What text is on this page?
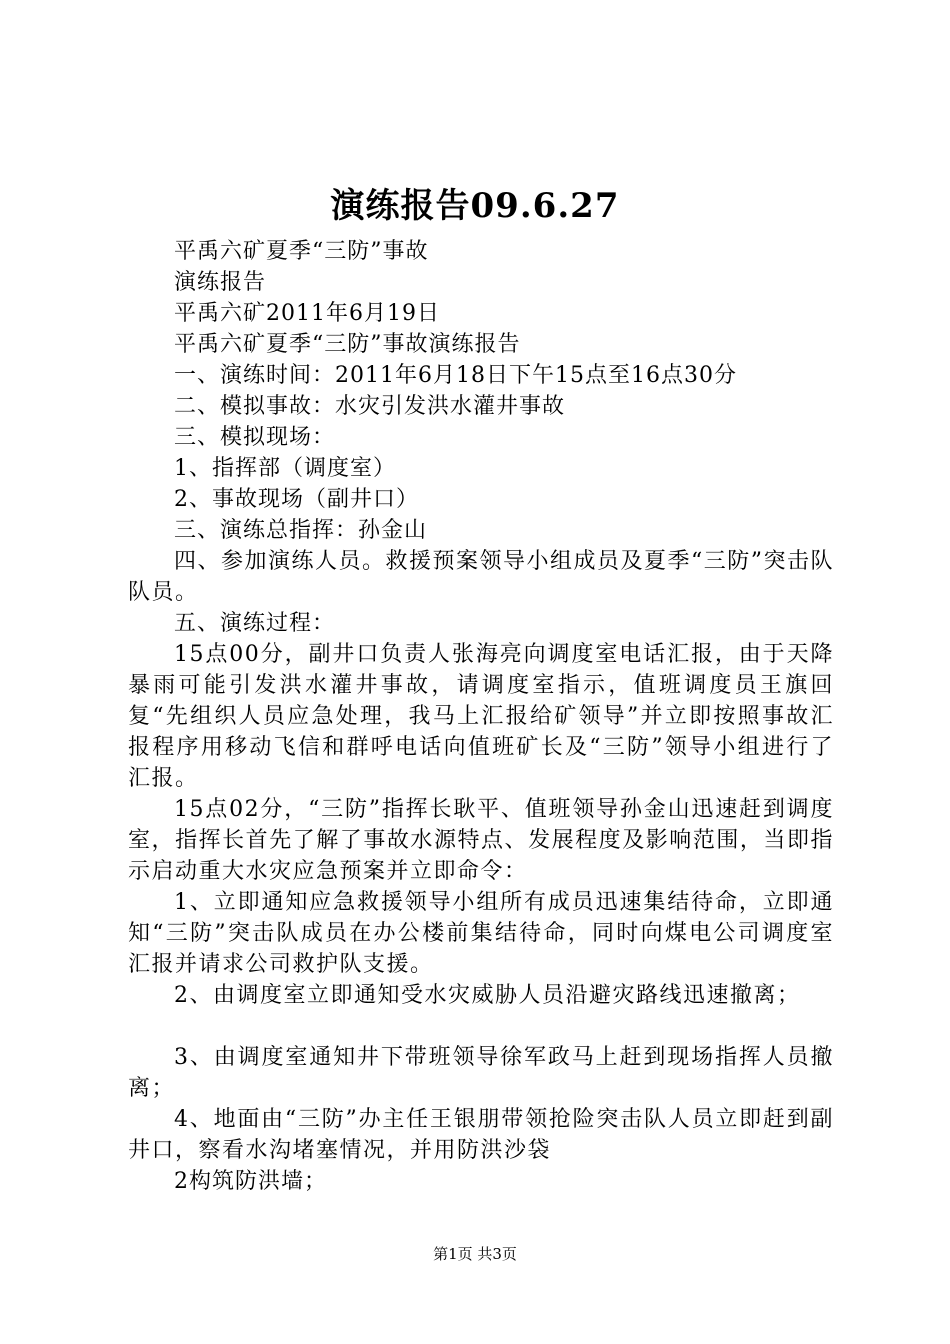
演练报告09.6.27

平禹六矿夏季“三防”事故

演练报告

平禹六矿2011年6月19日

平禹六矿夏季“三防”事故演练报告

一、演练时间：2011年6月18日下午15点至16点30分

二、模拟事故：水灾引发洪水灌井事故

三、模拟现场：

1、指挥部（调度室）

2、事故现场（副井口）

三、演练总指挥：孙金山

四、参加演练人员。救援预案领导小组成员及夏季“三防”突击队队员。

五、演练过程：

15点00分，副井口负责人张海亮向调度室电话汇报，由于天降暴雨可能引发洪水灌井事故，请调度室指示，值班调度员王旗回复“先组织人员应急处理，我马上汇报给矿领导”并立即按照事故汇报程序用移动飞信和群呼电话向值班矿长及“三防”领导小组进行了汇报。

15点02分，“三防”指挥长耿平、值班领导孙金山迅速赶到调度室，指挥长首先了解了事故水源特点、发展程度及影响范围，当即指示启动重大水灾应急预案并立即命令：

1、立即通知应急救援领导小组所有成员迅速集结待命，立即通知“三防”突击队成员在办公楼前集结待命，同时向煤电公司调度室汇报并请求公司救护队支援。

2、由调度室立即通知受水灾威胁人员沿避灾路线迅速撤离；

3、由调度室通知井下带班领导徐军政马上赶到现场指挥人员撤离；

4、地面由“三防”办主任王银朋带领抢险突击队人员立即赶到副井口，察看水沟堵塞情况，并用防洪沙袋

2构筑防洪墙；

第1页 共3页
